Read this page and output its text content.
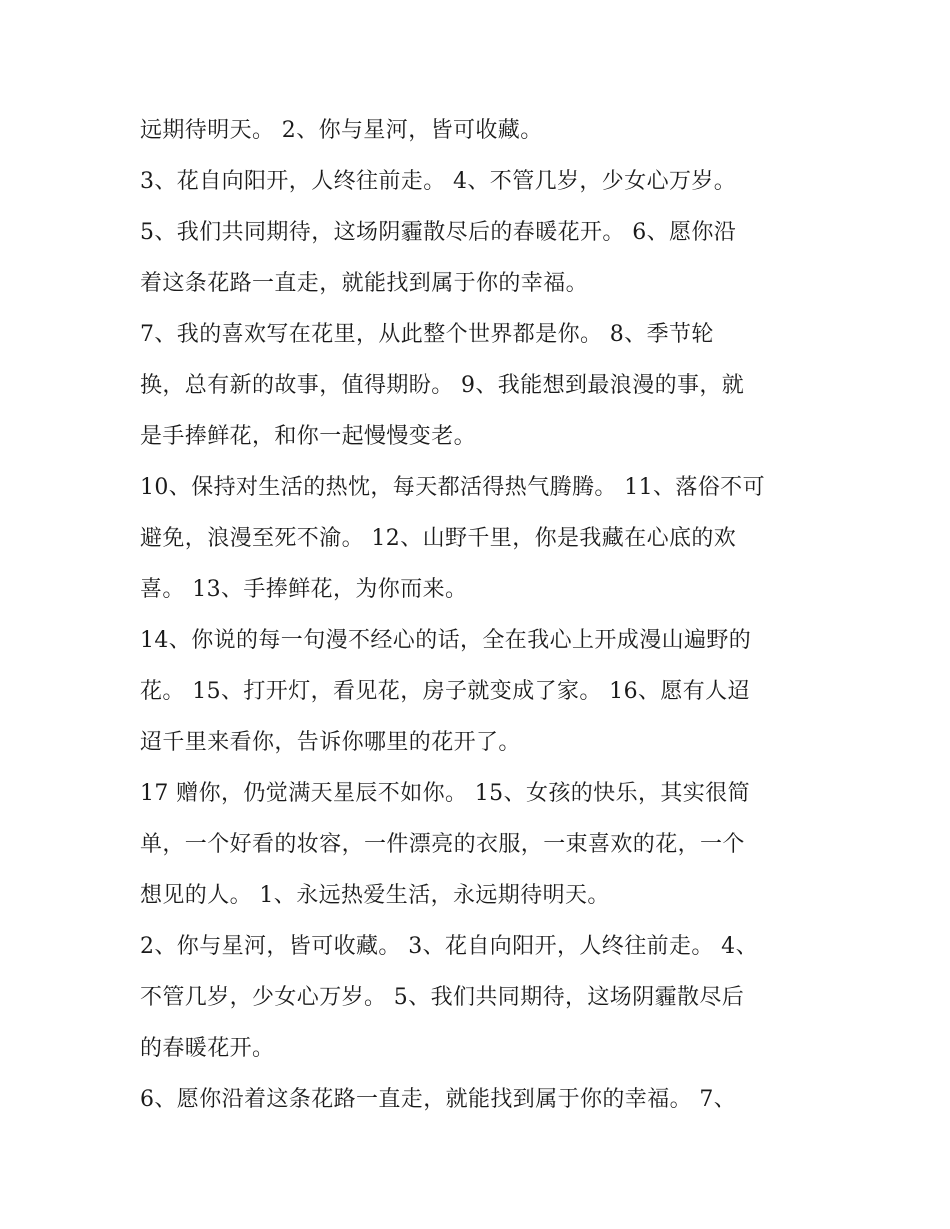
远期待明天。 2、你与星河，皆可收藏。
3、花自向阳开，人终往前走。 4、不管几岁，少女心万岁。
5、我们共同期待，这场阴霾散尽后的春暖花开。 6、愿你沿
着这条花路一直走，就能找到属于你的幸福。
7、我的喜欢写在花里，从此整个世界都是你。 8、季节轮
换，总有新的故事，值得期盼。 9、我能想到最浪漫的事，就
是手捧鲜花，和你一起慢慢变老。
10、保持对生活的热忱，每天都活得热气腾腾。 11、落俗不可
避免，浪漫至死不渝。 12、山野千里，你是我藏在心底的欢
喜。 13、手捧鲜花，为你而来。
14、你说的每一句漫不经心的话，全在我心上开成漫山遍野的
花。 15、打开灯，看见花，房子就变成了家。 16、愿有人迢
迢千里来看你，告诉你哪里的花开了。
17 赠你，仍觉满天星辰不如你。 15、女孩的快乐，其实很简
单，一个好看的妆容，一件漂亮的衣服，一束喜欢的花，一个
想见的人。 1、永远热爱生活，永远期待明天。
2、你与星河，皆可收藏。 3、花自向阳开，人终往前走。 4、
不管几岁，少女心万岁。 5、我们共同期待，这场阴霾散尽后
的春暖花开。
6、愿你沿着这条花路一直走，就能找到属于你的幸福。 7、
